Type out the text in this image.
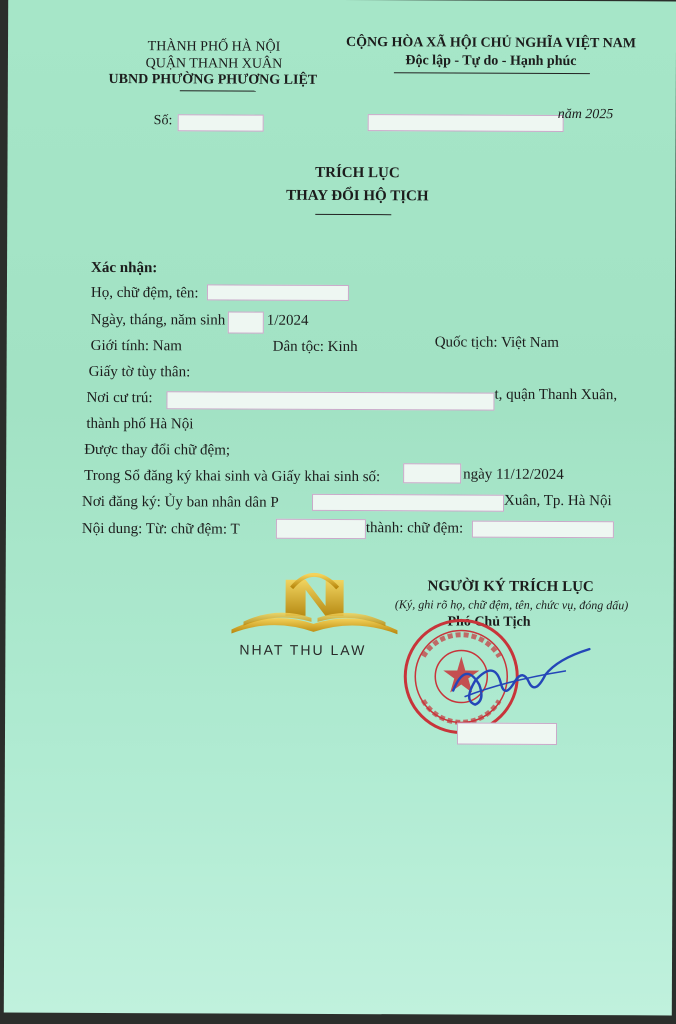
THÀNH PHỐ HÀ NỘI
QUẬN THANH XUÂN
UBND PHƯỜNG PHƯƠNG LIỆT
CỘNG HÒA XÃ HỘI CHỦ NGHĨA VIỆT NAM
Độc lập - Tự do - Hạnh phúc
Số:	năm 2025
TRÍCH LỤC
THAY ĐỔI HỘ TỊCH
Xác nhận:
Họ, chữ đệm, tên:
Ngày, tháng, năm sinh	1/2024
Giới tính: Nam	Dân tộc: Kinh	Quốc tịch: Việt Nam
Giấy tờ tùy thân:
Nơi cư trú:	t, quận Thanh Xuân,
thành phố Hà Nội
Được thay đổi chữ đệm;
Trong Sổ đăng ký khai sinh và Giấy khai sinh số:	ngày 11/12/2024
Nơi đăng ký: Ủy ban nhân dân P	Xuân, Tp. Hà Nội
Nội dung: Từ: chữ đệm: T	thành: chữ đệm:
NHAT THU LAW
NGƯỜI KÝ TRÍCH LỤC
(Ký, ghi rõ họ, chữ đệm, tên, chức vụ, đóng dấu)
Phó Chủ Tịch
